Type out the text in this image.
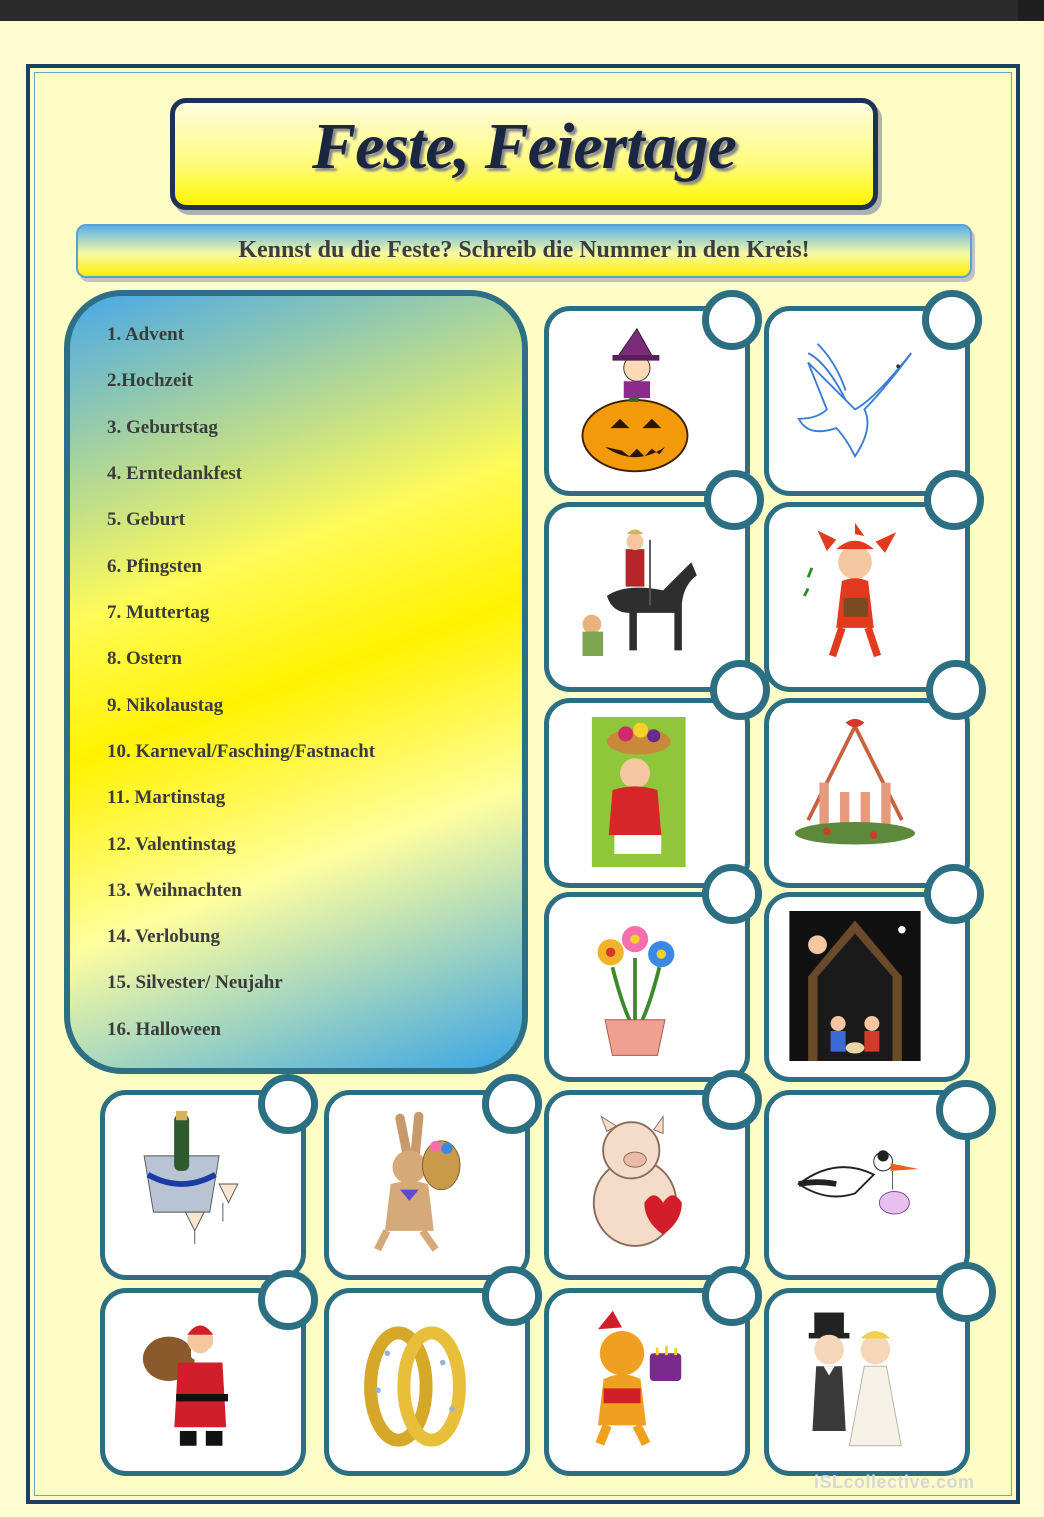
Feste, Feiertage
Kennst du die Feste? Schreib die Nummer in den Kreis!
1. Advent
2.Hochzeit
3. Geburtstag
4. Erntedankfest
5. Geburt
6. Pfingsten
7. Muttertag
8. Ostern
9. Nikolaustag
10. Karneval/Fasching/Fastnacht
11. Martinstag
12. Valentinstag
13. Weihnachten
14. Verlobung
15. Silvester/ Neujahr
16. Halloween
iSLcollective.com
